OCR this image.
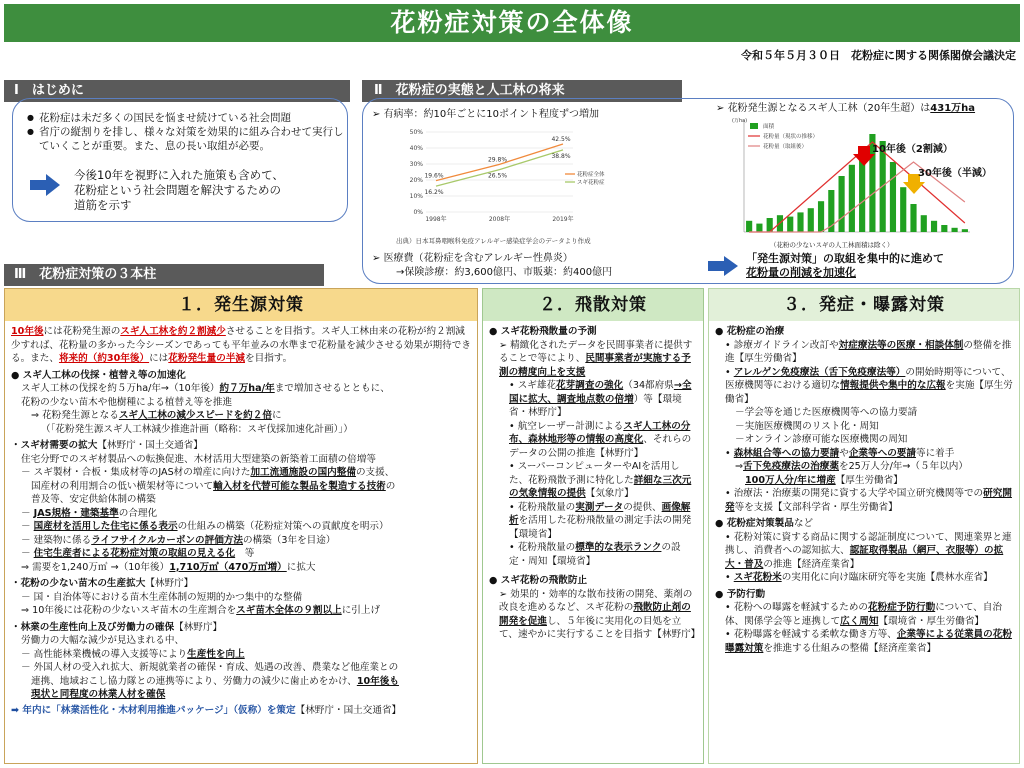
花粉症対策の全体像
令和５年５月３０日　花粉症に関する関係閣僚会議決定
Ⅰ　はじめに
● 花粉症は未だ多くの国民を悩ませ続けている社会問題
● 省庁の縦割りを排し、様々な対策を効果的に組み合わせて実行していくことが重要。また、息の長い取組が必要。

今後10年を視野に入れた施策も含めて、

花粉症という社会問題を解決するための

道筋を示す

Ⅱ　花粉症の実態と人工林の将来
➢ 有病率：約10年ごとに10ポイント程度ずつ増加
0%
10%
20%
30%
40%
50%
1998年	2008年	2019年
19.6%
29.8%
42.5%
花粉症全体
16.2%
26.5%
38.8%
スギ花粉症
出典）日本耳鼻咽喉科免疫アレルギー感染症学会のデータより作成

➢ 医療費（花粉症を含むアレルギー性鼻炎）

→保険診療：約3,600億円、市販薬：約400億円

➢ 花粉発生源となるスギ人工林（20年生超）は431万ha
(万ha)
面積
花粉量（現状の推移）
花粉量（取組後）	10年後（2割減）
30年後（半減）
（花粉の少ないスギの人工林面積は除く）

「発生源対策」の取組を集中的に進めて

花粉量の削減を加速化

Ⅲ　花粉症対策の３本柱
１．発生源対策

10年後には花粉発生源のスギ人工林を約２割減少させることを目指す。スギ人工林由来の花粉が約２割減少すれば、花粉量の多かった今シーズンであっても平年並みの水準まで花粉量を減少させる効果が期待できる。また、将来的（約30年後）には花粉発生量の半減を目指す。

● スギ人工林の伐採・植替え等の加速化

スギ人工林の伐採を約５万ha/年→（10年後）約７万ha/年まで増加させるとともに、

花粉の少ない苗木や他樹種による植替え等を推進

⇒ 花粉発生源となるスギ人工林の減少スピードを約２倍に

（「花粉発生源スギ人工林減少推進計画（略称：スギ伐採加速化計画）」）

・スギ材需要の拡大【林野庁・国土交通省】

住宅分野でのスギ材製品への転換促進、木材活用大型建築の新築着工面積の倍増等

－ スギ製材・合板・集成材等のJAS材の増産に向けた加工流通施設の国内整備の支援、

国産材の利用割合の低い横架材等について輸入材を代替可能な製品を製造する技術の

普及等、安定供給体制の構築

－ JAS規格・建築基準の合理化

－ 国産材を活用した住宅に係る表示の仕組みの構築（花粉症対策への貢献度を明示）

－ 建築物に係るライフサイクルカーボンの評価方法の構築（3年を目途）

－ 住宅生産者による花粉症対策の取組の見える化　等

⇒ 需要を1,240万㎥ →（10年後）1,710万㎥（470万㎥増）に拡大

・花粉の少ない苗木の生産拡大【林野庁】

－ 国・自治体等における苗木生産体制の短期的かつ集中的な整備

⇒ 10年後には花粉の少ないスギ苗木の生産割合をスギ苗木全体の９割以上に引上げ

・林業の生産性向上及び労働力の確保【林野庁】

労働力の大幅な減少が見込まれる中、

－ 高性能林業機械の導入支援等により生産性を向上

－ 外国人材の受入れ拡大、新規就業者の確保・育成、処遇の改善、農業など他産業との

連携、地域おこし協力隊との連携等により、労働力の減少に歯止めをかけ、10年後も

現状と同程度の林業人材を確保

➡ 年内に「林業活性化・木材利用推進パッケージ」（仮称）を策定【林野庁・国土交通省】

２．飛散対策

● スギ花粉飛散量の予測

➢ 精緻化されたデータを民間事業者に提供することで等により、民間事業者が実施する予測の精度向上を支援

• スギ雄花花芽調査の強化（34都府県→全国に拡大、調査地点数の倍増）等【環境省・林野庁】

• 航空レーザー計測によるスギ人工林の分布、森林地形等の情報の高度化、それらのデータの公開の推進【林野庁】

• スーパーコンピューターやAIを活用した、花粉飛散予測に特化した詳細な三次元の気象情報の提供【気象庁】

• 花粉飛散量の実測データの提供、画像解析を活用した花粉飛散量の測定手法の開発【環境省】

• 花粉飛散量の標準的な表示ランクの設定・周知【環境省】

● スギ花粉の飛散防止

➢ 効果的・効率的な散布技術の開発、薬剤の改良を進めるなど、スギ花粉の飛散防止剤の開発を促進し、５年後に実用化の目処を立て、速やかに実行することを目指す【林野庁】

３．発症・曝露対策

● 花粉症の治療

• 診療ガイドライン改訂や対症療法等の医療・相談体制の整備を推進【厚生労働省】

• アレルゲン免疫療法（舌下免疫療法等）の開始時期等について、医療機関等における適切な情報提供や集中的な広報を実施【厚生労働省】

－学会等を通じた医療機関等への協力要請

－実施医療機関のリスト化・周知

－オンライン診療可能な医療機関の周知

• 森林組合等への協力要請や企業等への要請等に着手

⇒舌下免疫療法の治療薬を25万人分/年→（５年以内）

100万人分/年に増産【厚生労働省】

• 治療法・治療薬の開発に資する大学や国立研究機関等での研究開発等を支援【文部科学省・厚生労働省】

● 花粉症対策製品など

• 花粉対策に資する商品に関する認証制度について、関連業界と連携し、消費者への認知拡大、認証取得製品（網戸、衣服等）の拡大・普及の推進【経済産業省】

• スギ花粉米の実用化に向け臨床研究等を実施【農林水産省】

● 予防行動

• 花粉への曝露を軽減するための花粉症予防行動について、自治体、関係学会等と連携して広く周知【環境省・厚生労働省】

• 花粉曝露を軽減する柔軟な働き方等、企業等による従業員の花粉曝露対策を推進する仕組みの整備【経済産業省】
